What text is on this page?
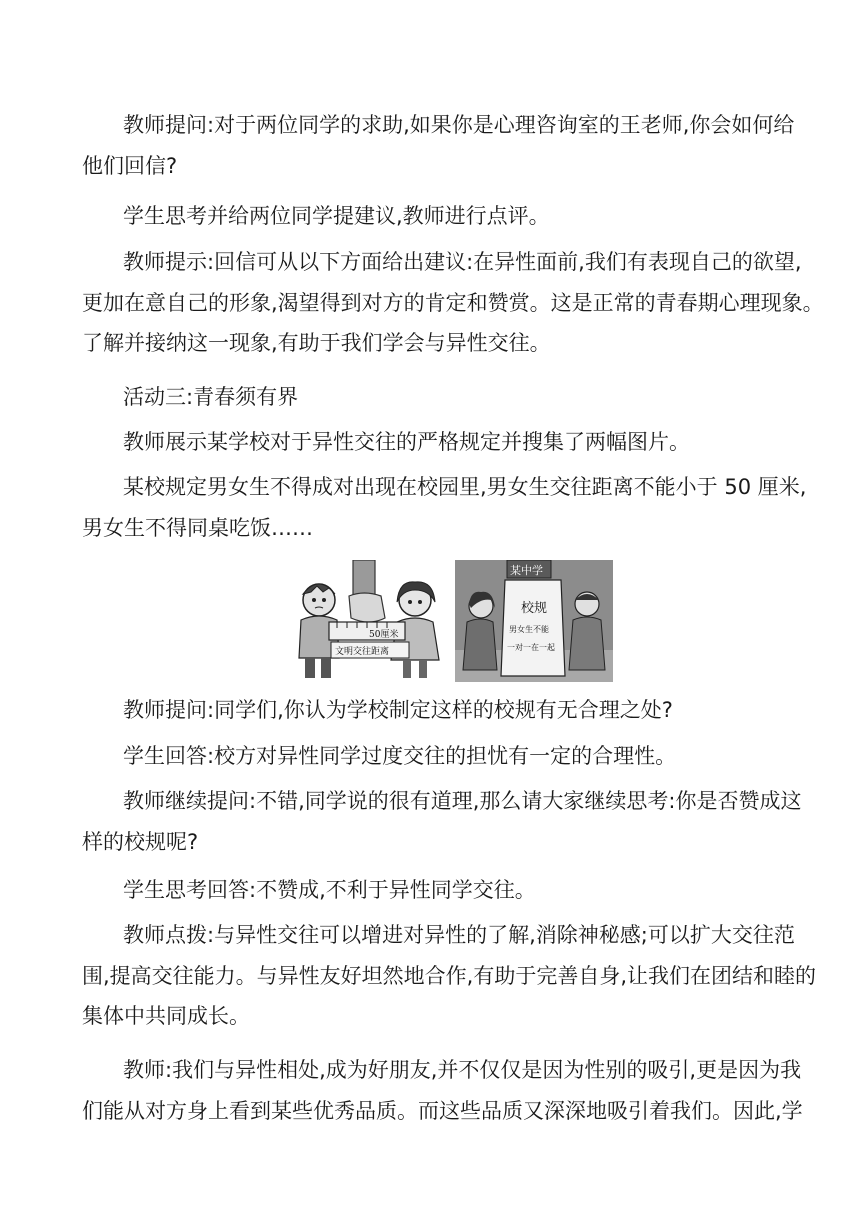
教师提问:对于两位同学的求助,如果你是心理咨询室的王老师,你会如何给
他们回信?

学生思考并给两位同学提建议,教师进行点评。

教师提示:回信可从以下方面给出建议:在异性面前,我们有表现自己的欲望,
更加在意自己的形象,渴望得到对方的肯定和赞赏。这是正常的青春期心理现象。
了解并接纳这一现象,有助于我们学会与异性交往。

活动三:青春须有界

教师展示某学校对于异性交往的严格规定并搜集了两幅图片。

某校规定男女生不得成对出现在校园里,男女生交往距离不能小于 50 厘米,
男女生不得同桌吃饭……

50厘米
文明交往距离
某中学
校规
男女生不能
一对一在一起

教师提问:同学们,你认为学校制定这样的校规有无合理之处?

学生回答:校方对异性同学过度交往的担忧有一定的合理性。

教师继续提问:不错,同学说的很有道理,那么请大家继续思考:你是否赞成这
样的校规呢?

学生思考回答:不赞成,不利于异性同学交往。

教师点拨:与异性交往可以增进对异性的了解,消除神秘感;可以扩大交往范
围,提高交往能力。与异性友好坦然地合作,有助于完善自身,让我们在团结和睦的
集体中共同成长。

教师:我们与异性相处,成为好朋友,并不仅仅是因为性别的吸引,更是因为我
们能从对方身上看到某些优秀品质。而这些品质又深深地吸引着我们。因此,学
